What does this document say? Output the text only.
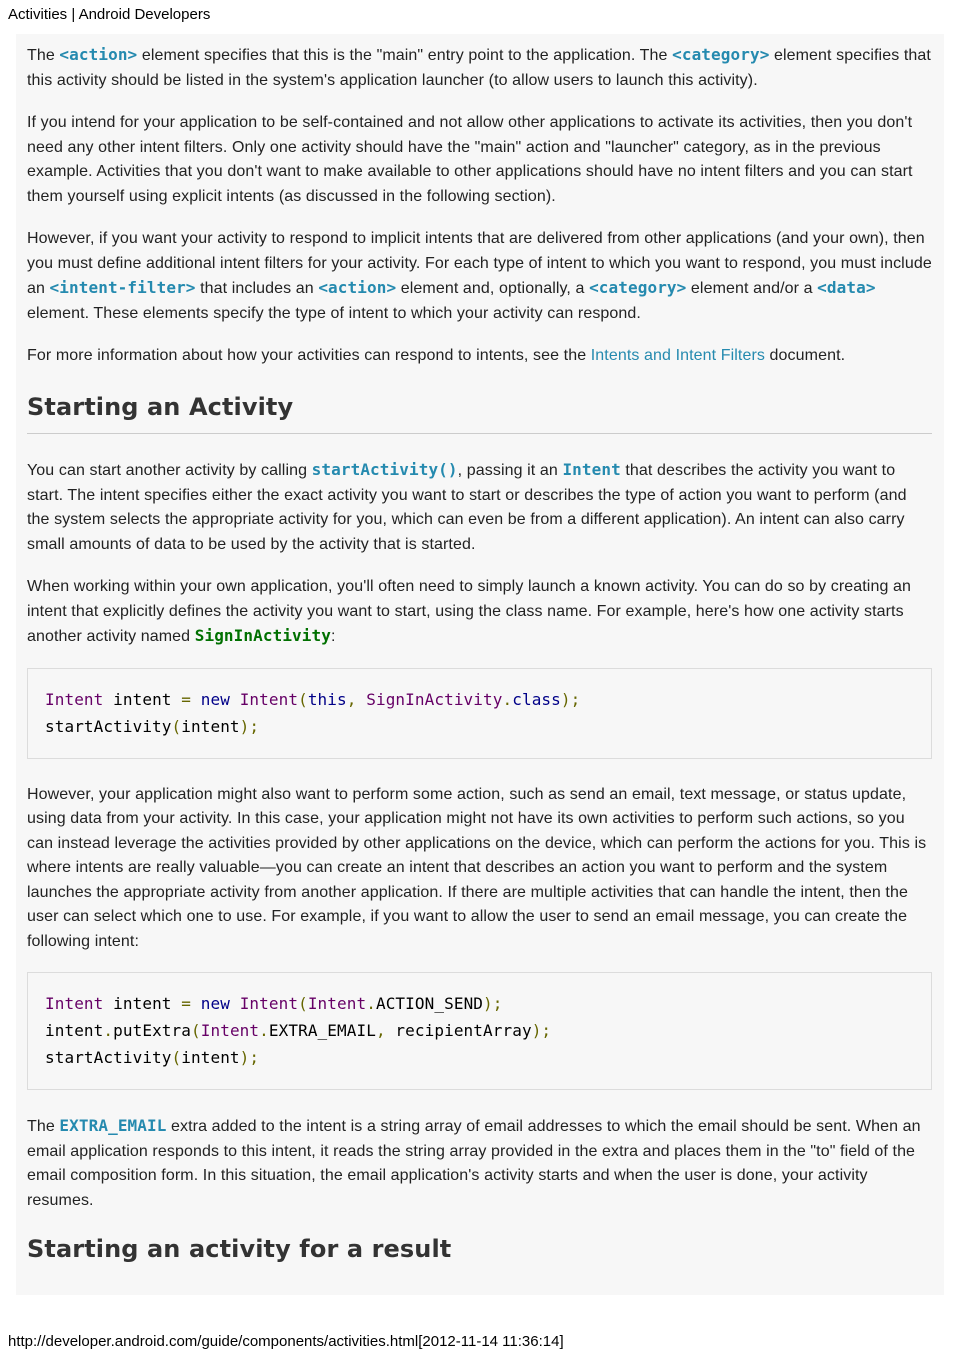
Activities | Android Developers

The <action> element specifies that this is the "main" entry point to the application. The <category> element specifies that this activity should be listed in the system's application launcher (to allow users to launch this activity).

If you intend for your application to be self-contained and not allow other applications to activate its activities, then you don't need any other intent filters. Only one activity should have the "main" action and "launcher" category, as in the previous example. Activities that you don't want to make available to other applications should have no intent filters and you can start them yourself using explicit intents (as discussed in the following section).

However, if you want your activity to respond to implicit intents that are delivered from other applications (and your own), then you must define additional intent filters for your activity. For each type of intent to which you want to respond, you must include an <intent-filter> that includes an <action> element and, optionally, a <category> element and/or a <data> element. These elements specify the type of intent to which your activity can respond.

For more information about how your activities can respond to intents, see the Intents and Intent Filters document.

Starting an Activity

You can start another activity by calling startActivity(), passing it an Intent that describes the activity you want to start. The intent specifies either the exact activity you want to start or describes the type of action you want to perform (and the system selects the appropriate activity for you, which can even be from a different application). An intent can also carry small amounts of data to be used by the activity that is started.

When working within your own application, you'll often need to simply launch a known activity. You can do so by creating an intent that explicitly defines the activity you want to start, using the class name. For example, here's how one activity starts another activity named SignInActivity:

Intent intent = new Intent(this, SignInActivity.class);
startActivity(intent);

However, your application might also want to perform some action, such as send an email, text message, or status update, using data from your activity. In this case, your application might not have its own activities to perform such actions, so you can instead leverage the activities provided by other applications on the device, which can perform the actions for you. This is where intents are really valuable—you can create an intent that describes an action you want to perform and the system launches the appropriate activity from another application. If there are multiple activities that can handle the intent, then the user can select which one to use. For example, if you want to allow the user to send an email message, you can create the following intent:

Intent intent = new Intent(Intent.ACTION_SEND);
intent.putExtra(Intent.EXTRA_EMAIL, recipientArray);
startActivity(intent);

The EXTRA_EMAIL extra added to the intent is a string array of email addresses to which the email should be sent. When an email application responds to this intent, it reads the string array provided in the extra and places them in the "to" field of the email composition form. In this situation, the email application's activity starts and when the user is done, your activity resumes.

Starting an activity for a result
http://developer.android.com/guide/components/activities.html[2012-11-14 11:36:14]
